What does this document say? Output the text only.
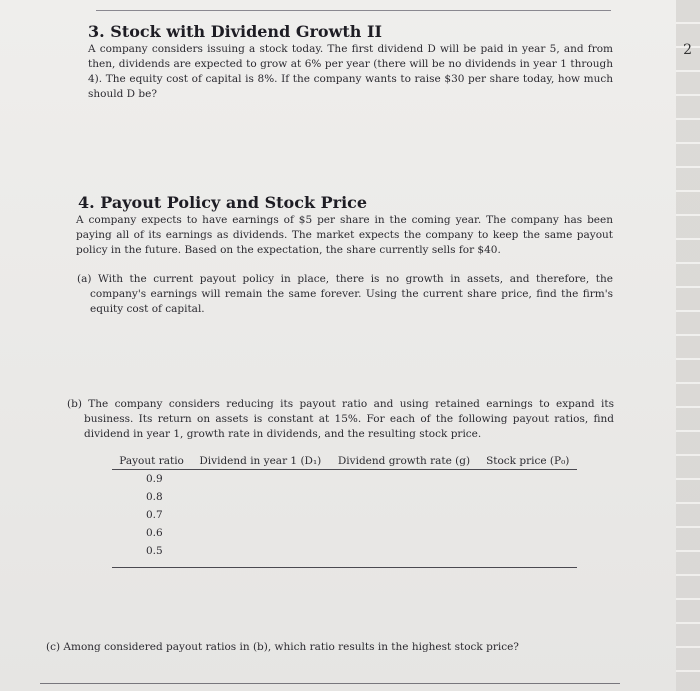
2
3. Stock with Dividend Growth II

A company considers issuing a stock today. The first dividend D will be paid in year 5, and from then, dividends are expected to grow at 6% per year (there will be no dividends in year 1 through 4). The equity cost of capital is 8%. If the company wants to raise $30 per share today, how much should D be?

4. Payout Policy and Stock Price

A company expects to have earnings of $5 per share in the coming year. The company has been paying all of its earnings as dividends. The market expects the company to keep the same payout policy in the future. Based on the expectation, the share currently sells for $40.

(a) With the current payout policy in place, there is no growth in assets, and therefore, the company's earnings will remain the same forever. Using the current share price, find the firm's equity cost of capital.

(b) The company considers reducing its payout ratio and using retained earnings to expand its business. Its return on assets is constant at 15%. For each of the following payout ratios, find dividend in year 1, growth rate in dividends, and the resulting stock price.

Payout ratio	Dividend in year 1 (D₁)	Dividend growth rate (g)	Stock price (P₀)
0.9			
0.8			
0.7			
0.6			
0.5			

(c) Among considered payout ratios in (b), which ratio results in the highest stock price?
